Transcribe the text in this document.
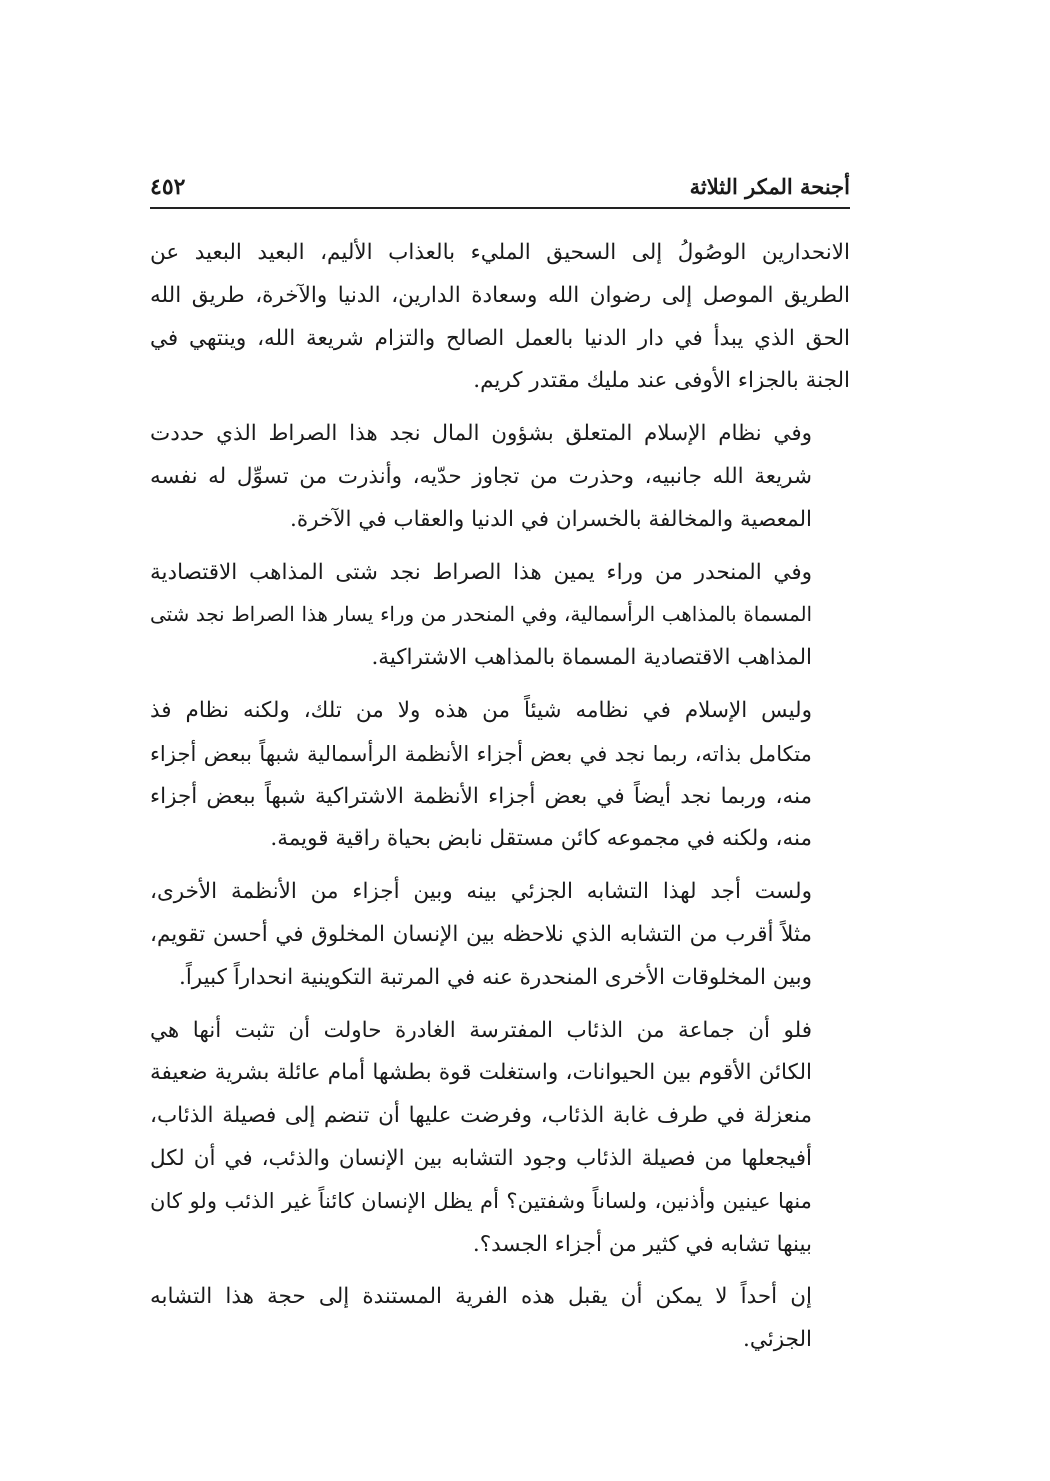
أجنحة المكر الثلاثة
٤٥٢

الانحدارين الوصُولُ إلى السحيق المليء بالعذاب الأليم، البعيد البعيد عن
الطريق الموصل إلى رضوان الله وسعادة الدارين، الدنيا والآخرة، طريق الله
الحق الذي يبدأ في دار الدنيا بالعمل الصالح والتزام شريعة الله، وينتهي في
الجنة بالجزاء الأوفى عند مليك مقتدر كريم.

وفي نظام الإسلام المتعلق بشؤون المال نجد هذا الصراط الذي حددت
شريعة الله جانبيه، وحذرت من تجاوز حدّيه، وأنذرت من تسوِّل له نفسه
المعصية والمخالفة بالخسران في الدنيا والعقاب في الآخرة.

وفي المنحدر من وراء يمين هذا الصراط نجد شتى المذاهب الاقتصادية
المسماة بالمذاهب الرأسمالية، وفي المنحدر من وراء يسار هذا الصراط نجد شتى
المذاهب الاقتصادية المسماة بالمذاهب الاشتراكية.

وليس الإسلام في نظامه شيئاً من هذه ولا من تلك، ولكنه نظام فذ
متكامل بذاته، ربما نجد في بعض أجزاء الأنظمة الرأسمالية شبهاً ببعض أجزاء
منه، وربما نجد أيضاً في بعض أجزاء الأنظمة الاشتراكية شبهاً ببعض أجزاء
منه، ولكنه في مجموعه كائن مستقل نابض بحياة راقية قويمة.

ولست أجد لهذا التشابه الجزئي بينه وبين أجزاء من الأنظمة الأخرى،
مثلاً أقرب من التشابه الذي نلاحظه بين الإنسان المخلوق في أحسن تقويم،
وبين المخلوقات الأخرى المنحدرة عنه في المرتبة التكوينية انحداراً كبيراً.

فلو أن جماعة من الذئاب المفترسة الغادرة حاولت أن تثبت أنها هي
الكائن الأقوم بين الحيوانات، واستغلت قوة بطشها أمام عائلة بشرية ضعيفة
منعزلة في طرف غابة الذئاب، وفرضت عليها أن تنضم إلى فصيلة الذئاب،
أفيجعلها من فصيلة الذئاب وجود التشابه بين الإنسان والذئب، في أن لكل
منها عينين وأذنين، ولساناً وشفتين؟ أم يظل الإنسان كائناً غير الذئب ولو كان
بينها تشابه في كثير من أجزاء الجسد؟.

إن أحداً لا يمكن أن يقبل هذه الفرية المستندة إلى حجة هذا التشابه
الجزئي.
